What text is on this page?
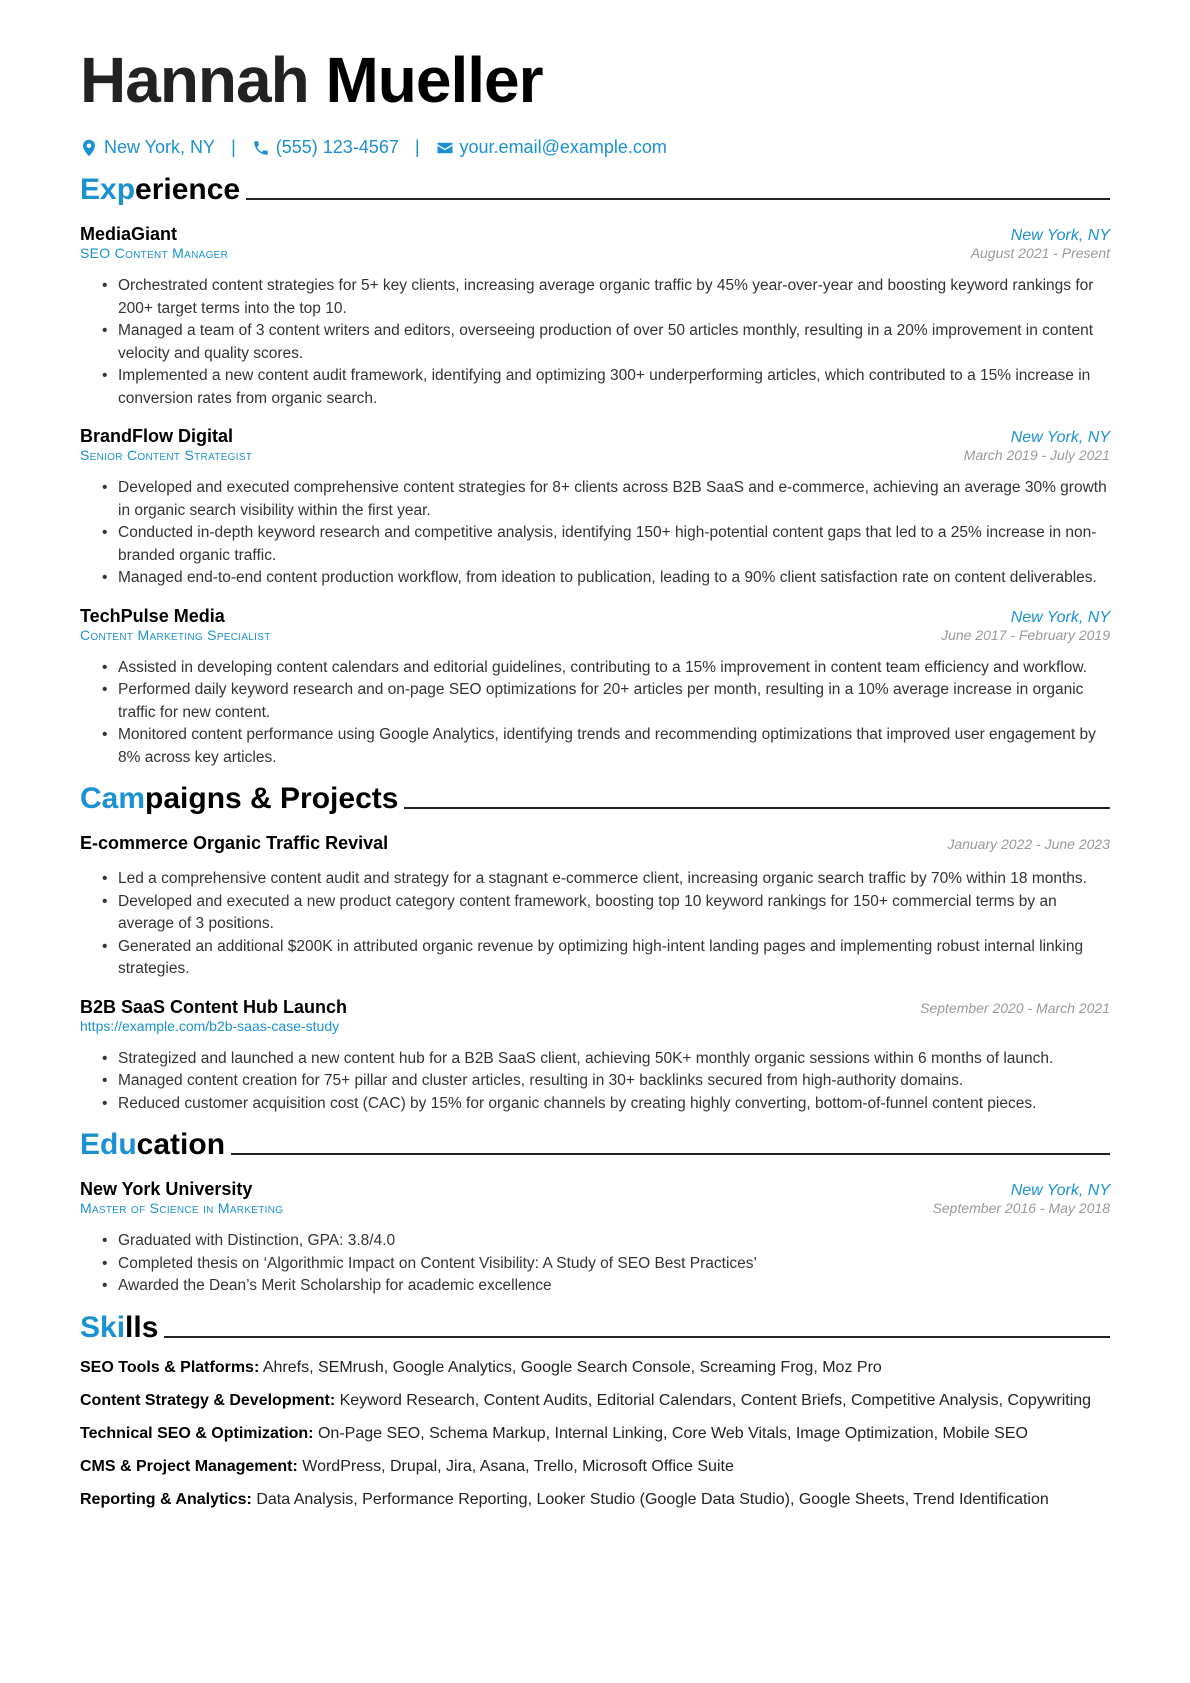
Hannah Mueller
New York, NY |	(555) 123-4567 |	your.email@example.com
Experience
MediaGiant	New York, NY
SEO Content Manager	August 2021 - Present
• Orchestrated content strategies for 5+ key clients, increasing average organic traffic by 45% year-over-year and boosting keyword rankings for 200+ target terms into the top 10.
• Managed a team of 3 content writers and editors, overseeing production of over 50 articles monthly, resulting in a 20% improvement in content velocity and quality scores.
• Implemented a new content audit framework, identifying and optimizing 300+ underperforming articles, which contributed to a 15% increase in conversion rates from organic search.
BrandFlow Digital	New York, NY
Senior Content Strategist	March 2019 - July 2021
• Developed and executed comprehensive content strategies for 8+ clients across B2B SaaS and e-commerce, achieving an average 30% growth in organic search visibility within the first year.
• Conducted in-depth keyword research and competitive analysis, identifying 150+ high-potential content gaps that led to a 25% increase in non-branded organic traffic.
• Managed end-to-end content production workflow, from ideation to publication, leading to a 90% client satisfaction rate on content deliverables.
TechPulse Media	New York, NY
Content Marketing Specialist	June 2017 - February 2019
• Assisted in developing content calendars and editorial guidelines, contributing to a 15% improvement in content team efficiency and workflow.
• Performed daily keyword research and on-page SEO optimizations for 20+ articles per month, resulting in a 10% average increase in organic traffic for new content.
• Monitored content performance using Google Analytics, identifying trends and recommending optimizations that improved user engagement by 8% across key articles.
Campaigns & Projects
E-commerce Organic Traffic Revival	January 2022 - June 2023
• Led a comprehensive content audit and strategy for a stagnant e-commerce client, increasing organic search traffic by 70% within 18 months.
• Developed and executed a new product category content framework, boosting top 10 keyword rankings for 150+ commercial terms by an average of 3 positions.
• Generated an additional $200K in attributed organic revenue by optimizing high-intent landing pages and implementing robust internal linking strategies.
B2B SaaS Content Hub Launch	September 2020 - March 2021
https://example.com/b2b-saas-case-study
• Strategized and launched a new content hub for a B2B SaaS client, achieving 50K+ monthly organic sessions within 6 months of launch.
• Managed content creation for 75+ pillar and cluster articles, resulting in 30+ backlinks secured from high-authority domains.
• Reduced customer acquisition cost (CAC) by 15% for organic channels by creating highly converting, bottom-of-funnel content pieces.
Education
New York University	New York, NY
Master of Science in Marketing	September 2016 - May 2018
• Graduated with Distinction, GPA: 3.8/4.0
• Completed thesis on ‘Algorithmic Impact on Content Visibility: A Study of SEO Best Practices’
• Awarded the Dean’s Merit Scholarship for academic excellence
Skills
SEO Tools & Platforms: Ahrefs, SEMrush, Google Analytics, Google Search Console, Screaming Frog, Moz Pro
Content Strategy & Development: Keyword Research, Content Audits, Editorial Calendars, Content Briefs, Competitive Analysis, Copywriting
Technical SEO & Optimization: On-Page SEO, Schema Markup, Internal Linking, Core Web Vitals, Image Optimization, Mobile SEO
CMS & Project Management: WordPress, Drupal, Jira, Asana, Trello, Microsoft Office Suite
Reporting & Analytics: Data Analysis, Performance Reporting, Looker Studio (Google Data Studio), Google Sheets, Trend Identification
